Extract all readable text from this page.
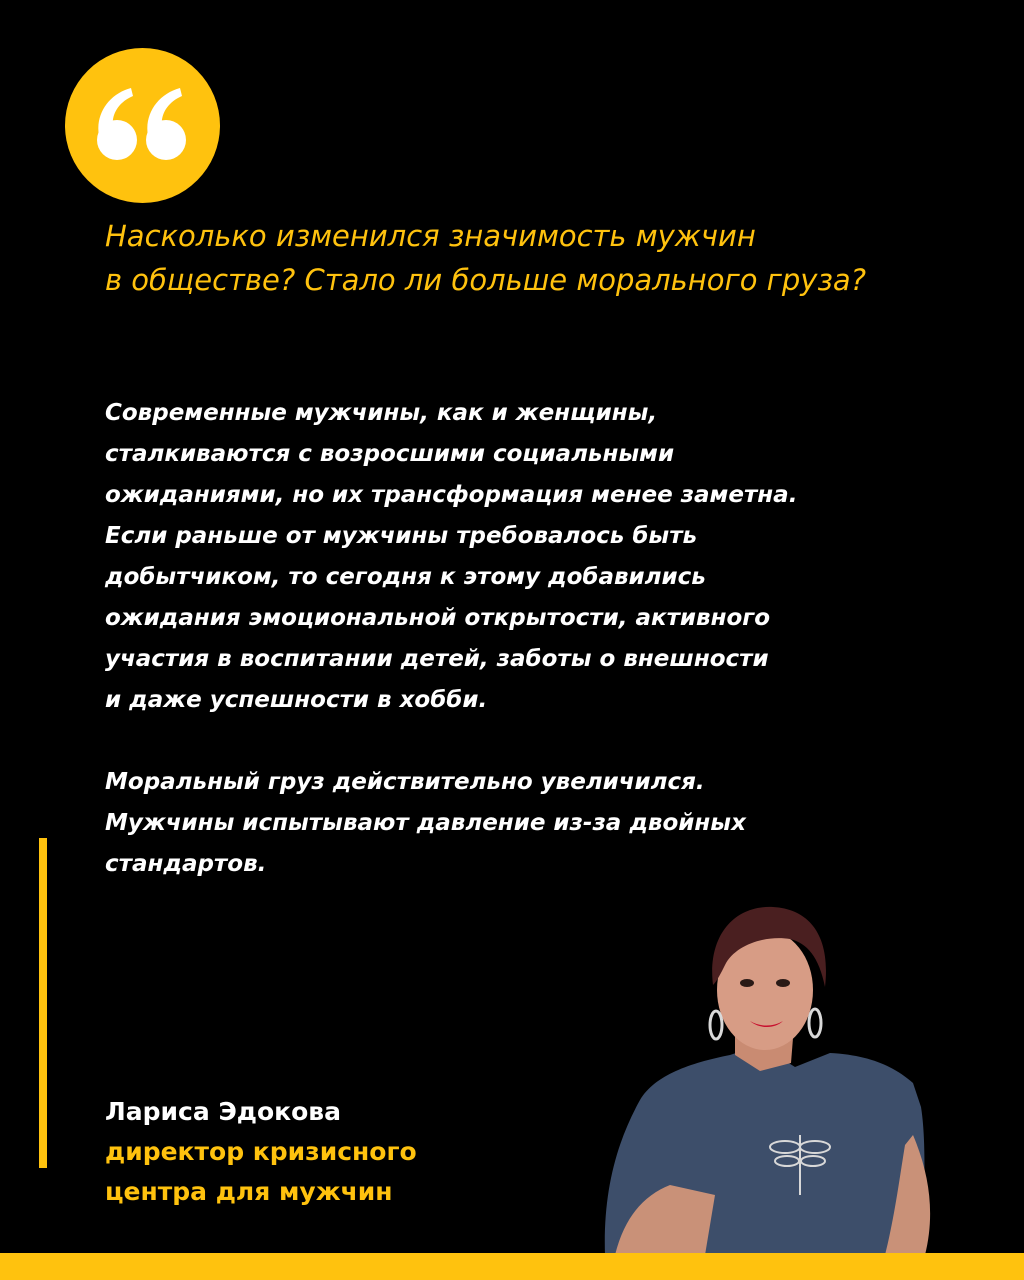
Насколько изменился значимость мужчин
в обществе? Стало ли больше морального груза?

Современные мужчины, как и женщины,
сталкиваются с возросшими социальными
ожиданиями, но их трансформация менее заметна.
Если раньше от мужчины требовалось быть
добытчиком, то сегодня к этому добавились
ожидания эмоциональной открытости, активного
участия в воспитании детей, заботы о внешности
и даже успешности в хобби.

Моральный груз действительно увеличился.
Мужчины испытывают давление из-за двойных
стандартов.

Лариса Эдокова
директор кризисного
центра для мужчин
